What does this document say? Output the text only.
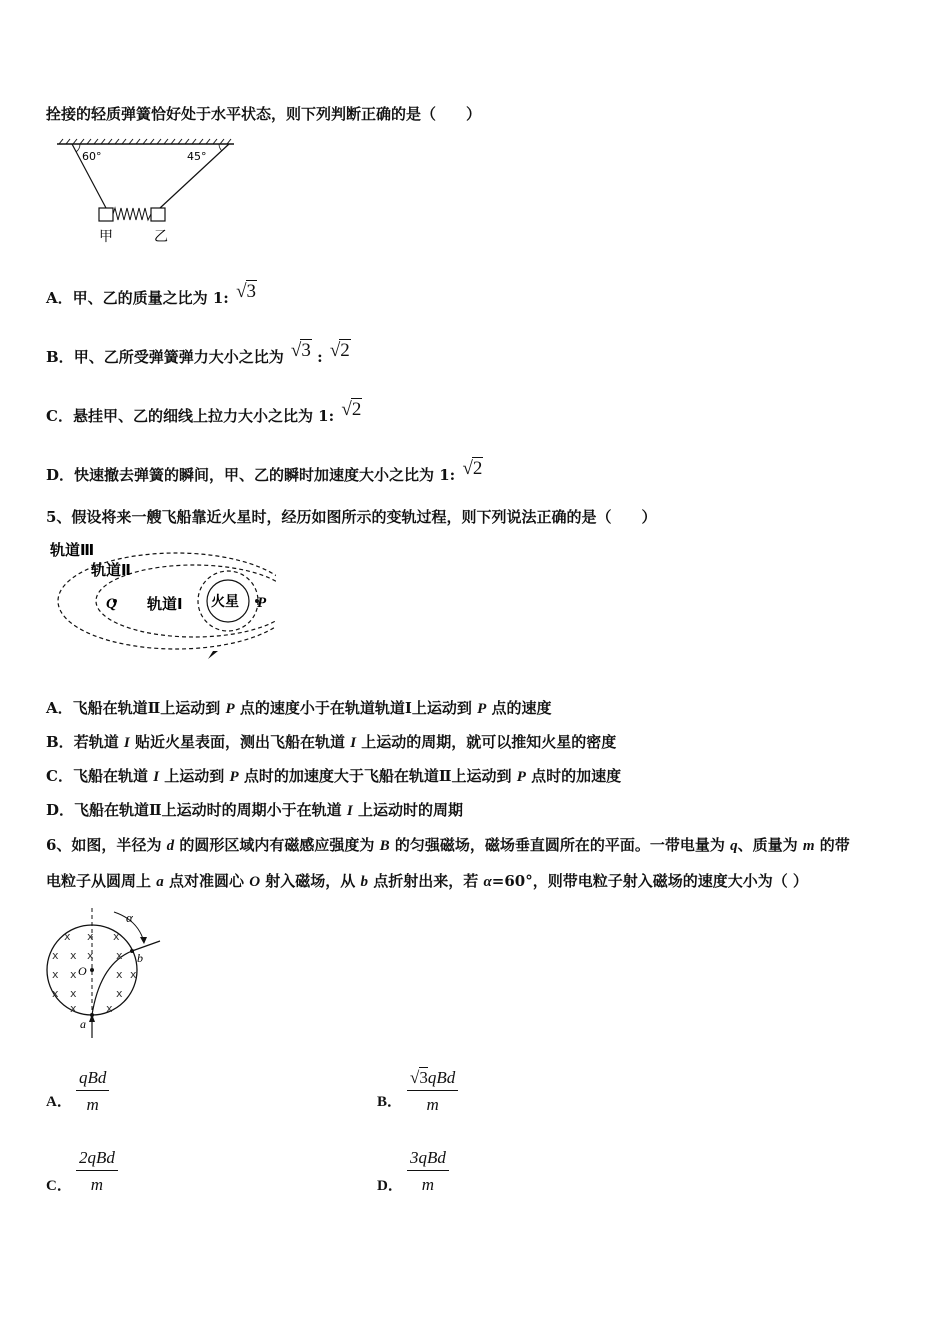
拴接的轻质弹簧恰好处于水平状态，则下列判断正确的是（　　）
60°	45°
甲	乙
A．甲、乙的质量之比为 1: √3
B．甲、乙所受弹簧弹力大小之比为 √3 : √2
C．悬挂甲、乙的细线上拉力大小之比为 1: √2
D．快速撤去弹簧的瞬间，甲、乙的瞬时加速度大小之比为 1: √2
5、假设将来一艘飞船靠近火星时，经历如图所示的变轨过程，则下列说法正确的是（　　）
轨道Ⅲ
轨道Ⅱ
轨道Ⅰ 火星
Q	P
A．飞船在轨道Ⅱ上运动到 P 点的速度小于在轨道轨道Ⅰ上运动到 P 点的速度
B．若轨道 I 贴近火星表面，测出飞船在轨道 I 上运动的周期，就可以推知火星的密度
C．飞船在轨道 I 上运动到 P 点时的加速度大于飞船在轨道Ⅱ上运动到 P 点时的加速度
D．飞船在轨道Ⅱ上运动时的周期小于在轨道 I 上运动时的周期
6、如图，半径为 d 的圆形区域内有磁感应强度为 B 的匀强磁场，磁场垂直圆所在的平面。一带电量为 q、质量为 m 的带
电粒子从圆周上 a 点对准圆心 O 射入磁场，从 b 点折射出来，若 α=60°，则带电粒子射入磁场的速度大小为（ ）
x x x
x x x x
x x	x x
x x	x
x	x
α
b
O
a
A．
qBd
m	B．
√3qBd
m
C．
2qBd
m	D．
3qBd
m
